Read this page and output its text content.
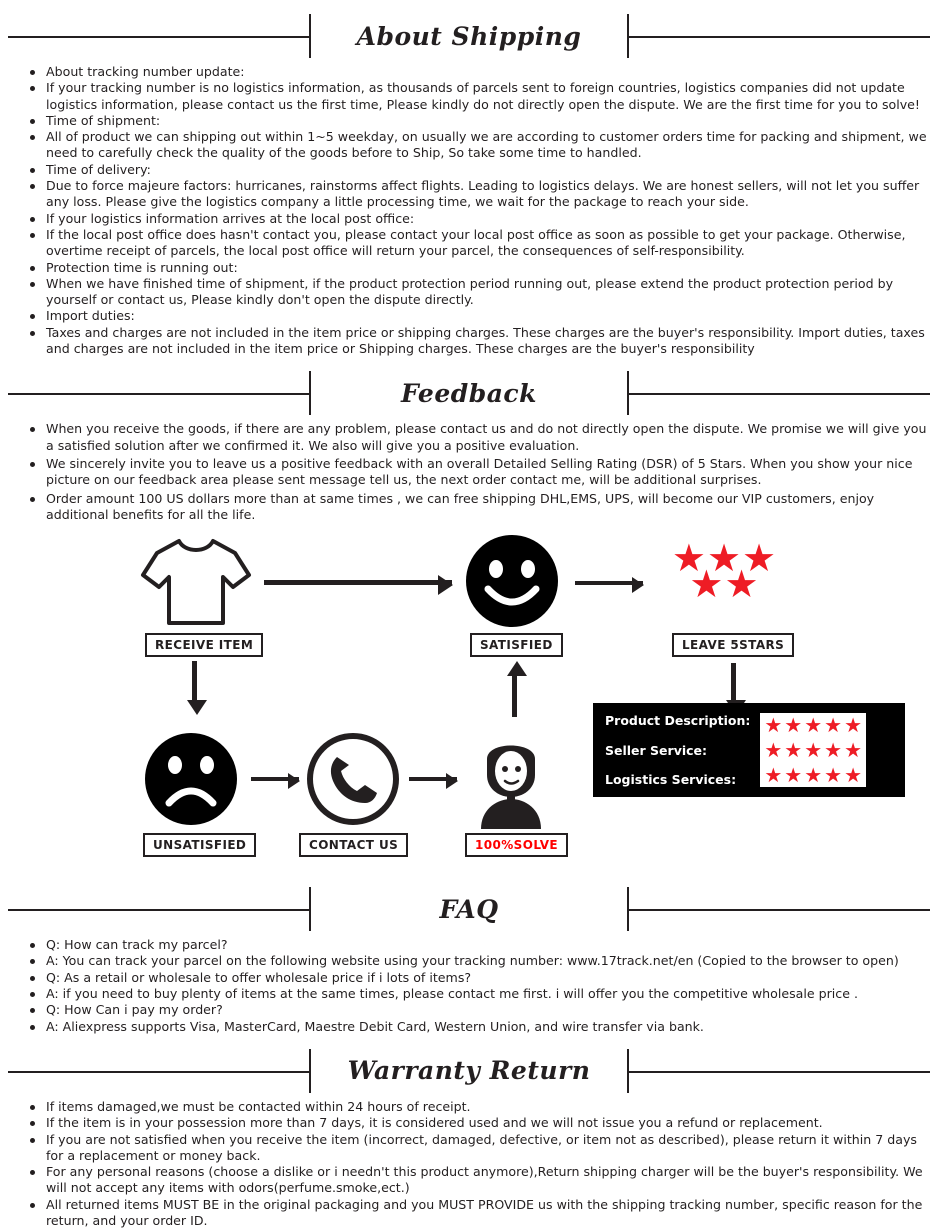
About Shipping
About tracking number update:
If your tracking number is no logistics information, as thousands of parcels sent to foreign countries, logistics companies did not update logistics information, please contact us the first time, Please kindly do not directly open the dispute. We are the first time for you to solve!
Time of shipment:
All of product we can shipping out within 1~5 weekday, on usually we are according to customer orders time for packing and shipment, we need to carefully check the quality of the goods before to Ship, So take some time to handled.
Time of delivery:
Due to force majeure factors: hurricanes, rainstorms affect flights. Leading to logistics delays. We are honest sellers, will not let you suffer any loss. Please give the logistics company a little processing time, we wait for the package to reach your side.
If your logistics information arrives at the local post office:
If the local post office does hasn't contact you, please contact your local post office as soon as possible to get your package. Otherwise, overtime receipt of parcels, the local post office will return your parcel, the consequences of self-responsibility.
Protection time is running out:
When we have finished time of shipment, if the product protection period running out, please extend the product protection period by yourself or contact us, Please kindly don't open the dispute directly.
Import duties:
Taxes and charges are not included in the item price or shipping charges. These charges are the buyer's responsibility. Import duties, taxes and charges are not included in the item price or Shipping charges. These charges are the buyer's responsibility
Feedback
When you receive the goods, if there are any problem, please contact us and do not directly open the dispute. We promise we will give you a satisfied solution after we confirmed it. We also will give you a positive evaluation.
We sincerely invite you to leave us a positive feedback with an overall Detailed Selling Rating (DSR) of 5 Stars. When you show your nice picture on our feedback area please sent message tell us, the next order contact me, will be additional surprises.
Order amount 100 US dollars more than at same times , we can free shipping DHL,EMS, UPS, will become our VIP customers, enjoy additional benefits for all the life.
RECEIVE ITEM	SATISFIED
★ ★ ★
★ ★
LEAVE 5STARS
UNSATISFIED	CONTACT US	100%SOLVE
Product Description:
Seller Service:
Logistics Services:
★ ★ ★ ★ ★
★ ★ ★ ★ ★
★ ★ ★ ★ ★
FAQ
Q: How can track my parcel?
A: You can track your parcel on the following website using your tracking number: www.17track.net/en (Copied to the browser to open)
Q: As a retail or wholesale to offer wholesale price if i lots of items?
A: if you need to buy plenty of items at the same times, please contact me first. i will offer you the competitive wholesale price .
Q: How Can i pay my order?
A: Aliexpress supports Visa, MasterCard, Maestre Debit Card, Western Union, and wire transfer via bank.
Warranty Return
If items damaged,we must be contacted within 24 hours of receipt.
If the item is in your possession more than 7 days, it is considered used and we will not issue you a refund or replacement.
If you are not satisfied when you receive the item (incorrect, damaged, defective, or item not as described), please return it within 7 days for a replacement or money back.
For any personal reasons (choose a dislike or i needn't this product anymore),Return shipping charger will be the buyer's responsibility. We will not accept any items with odors(perfume.smoke,ect.)
All returned items MUST BE in the original packaging and you MUST PROVIDE us with the shipping tracking number, specific reason for the return, and your order ID.
